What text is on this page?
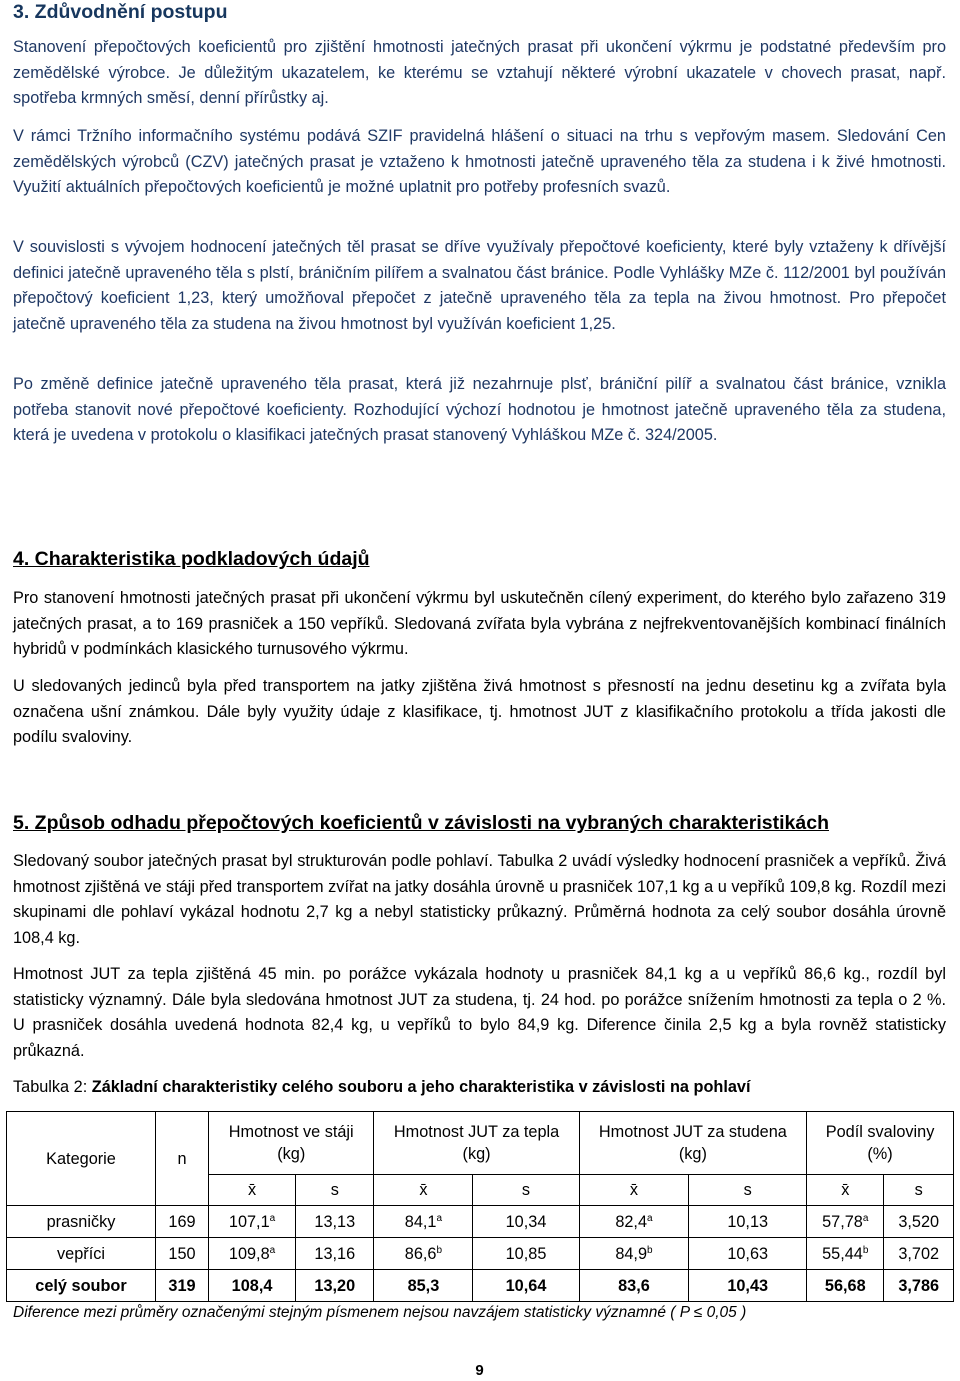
3. Zdůvodnění postupu
Stanovení přepočtových koeficientů pro zjištění hmotnosti jatečných prasat při ukončení výkrmu je podstatné především pro zemědělské výrobce. Je důležitým ukazatelem, ke kterému se vztahují některé výrobní ukazatele v chovech prasat, např. spotřeba krmných směsí, denní přírůstky aj.
V rámci Tržního informačního systému podává SZIF pravidelná hlášení o situaci na trhu s vepřovým masem. Sledování Cen zemědělských výrobců (CZV) jatečných prasat je vztaženo k hmotnosti jatečně upraveného těla za studena i k živé hmotnosti. Využití aktuálních přepočtových koeficientů je možné uplatnit pro potřeby profesních svazů.
V souvislosti s vývojem hodnocení jatečných těl prasat se dříve využívaly přepočtové koeficienty, které byly vztaženy k dřívější definici jatečně upraveného těla s plstí, bráničním pilířem a svalnatou část bránice. Podle Vyhlášky MZe č. 112/2001 byl používán přepočtový koeficient 1,23, který umožňoval přepočet z jatečně upraveného těla za tepla na živou hmotnost. Pro přepočet jatečně upraveného těla za studena na živou hmotnost byl využíván koeficient 1,25.
Po změně definice jatečně upraveného těla prasat, která již nezahrnuje plsť, brániční pilíř a svalnatou část bránice, vznikla potřeba stanovit nové přepočtové koeficienty. Rozhodující výchozí hodnotou je hmotnost jatečně upraveného těla za studena, která je uvedena v protokolu o klasifikaci jatečných prasat stanovený Vyhláškou MZe č. 324/2005.
4. Charakteristika podkladových údajů
Pro stanovení hmotnosti jatečných prasat při ukončení výkrmu byl uskutečněn cílený experiment, do kterého bylo zařazeno 319 jatečných prasat, a to 169 prasniček a 150 vepříků. Sledovaná zvířata byla vybrána z nejfrekventovanějších kombinací finálních hybridů v podmínkách klasického turnusového výkrmu.
U sledovaných jedinců byla před transportem na jatky zjištěna živá hmotnost s přesností na jednu desetinu kg a zvířata byla označena ušní známkou. Dále byly využity údaje z klasifikace, tj. hmotnost JUT z klasifikačního protokolu a třída jakosti dle podílu svaloviny.
5. Způsob odhadu přepočtových koeficientů v závislosti na vybraných charakteristikách
Sledovaný soubor jatečných prasat byl strukturován podle pohlaví. Tabulka 2 uvádí výsledky hodnocení prasniček a vepříků. Živá hmotnost zjištěná ve stáji před transportem zvířat na jatky dosáhla úrovně u prasniček 107,1 kg a u vepříků 109,8 kg. Rozdíl mezi skupinami dle pohlaví vykázal hodnotu 2,7 kg a nebyl statisticky průkazný. Průměrná hodnota za celý soubor dosáhla úrovně 108,4 kg.
Hmotnost JUT za tepla zjištěná 45 min. po porážce vykázala hodnoty u prasniček 84,1 kg a u vepříků 86,6 kg., rozdíl byl statisticky významný. Dále byla sledována hmotnost JUT za studena, tj. 24 hod. po porážce snížením hmotnosti za tepla o 2 %. U prasniček dosáhla uvedená hodnota 82,4 kg, u vepříků to bylo 84,9 kg. Diference činila 2,5 kg a byla rovněž statisticky průkazná.
Tabulka 2: Základní charakteristiky celého souboru a jeho charakteristika v závislosti na pohlaví
Kategorie	n	Hmotnost ve stáji (kg)		Hmotnost JUT za tepla (kg)		Hmotnost JUT za studena (kg)		Podíl svaloviny (%)	
		x̄	s	x̄	s	x̄	s	x̄	s
prasničky	169	107,1$^a$	13,13	84,1$^a$	10,34	82,4$^a$	10,13	57,78$^a$	3,520
vepříci	150	109,8$^a$	13,16	86,6$^b$	10,85	84,9$^b$	10,63	55,44$^b$	3,702
celý soubor	319	108,4	13,20	85,3	10,64	83,6	10,43	56,68	3,786
Diference mezi průměry označenými stejným písmenem nejsou navzájem statisticky významné ( P ≤ 0,05 )
9
